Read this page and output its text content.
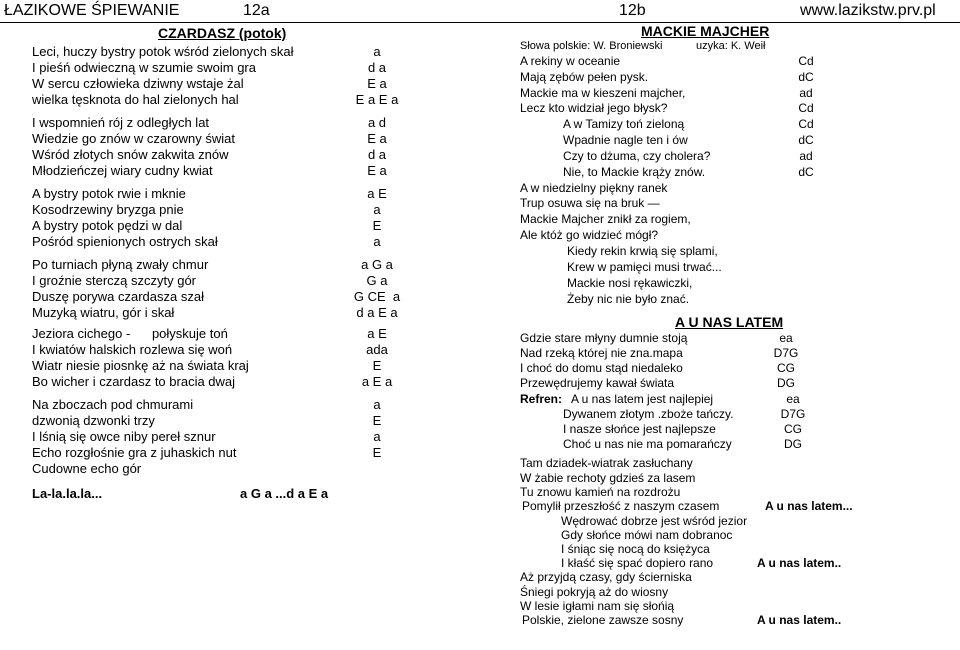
ŁAZIKOWE ŚPIEWANIE	12a	12b	www.lazikstw.prv.pl
CZARDASZ (potok)
Leci, huczy bystry potok wśród zielonych skał	a
I pieśń odwieczną w szumie swoim gra	d a
W sercu człowieka dziwny wstaje żal	E a
wielka tęsknota do hal zielonych hal	E a E a
I wspomnień rój z odległych lat	a d
Wiedzie go znów w czarowny świat	E a
Wśród złotych snów zakwita znów	d a
Młodzieńczej wiary cudny kwiat	E a
A bystry potok rwie i mknie	a E
Kosodrzewiny bryzga pnie	a
A bystry potok pędzi w dal	E
Pośród spienionych ostrych skał	a
Po turniach płyną zwały chmur	a G a
I groźnie sterczą szczyty gór	G a
Duszę porywa czardasza szał	G CE  a
Muzyką wiatru, gór i skał	d a E a
Jeziora cichego -      połyskuje toń	a E
I kwiatów halskich rozlewa się woń	ada
Wiatr niesie piosnkę aż na świata kraj	E
Bo wicher i czardasz to bracia dwaj	a E a
Na zboczach pod chmurami	a
dzwonią dzwonki trzy	E
I lśnią się owce niby pereł sznur	a
Echo rozgłośnie gra z juhaskich nut	E
Cudowne echo gór
La-la.la.la...	a G a ...d a E a
MACKIE MAJCHER
Słowa polskie: W. Broniewski	uzyka: K. Weił
A rekiny w oceanie	Cd
Mają zębów pełen pysk.	dC
Mackie ma w kieszeni majcher,	ad
Lecz kto widział jego błysk?	Cd
A w Tamizy toń zieloną	Cd
Wpadnie nagle ten i ów	dC
Czy to dżuma, czy cholera?	ad
Nie, to Mackie krąży znów.	dC
A w niedzielny piękny ranek
Trup osuwa się na bruk —
Mackie Majcher znikł za rogiem,
Ale któż go widzieć mógł?
Kiedy rekin krwią się splami,
Krew w pamięci musi trwać...
Mackie nosi rękawiczki,
Żeby nic nie było znać.
A U NAS LATEM
Gdzie stare młyny dumnie stoją	ea
Nad rzeką której nie zna.mapa	D7G
I choć do domu stąd niedaleko	CG
Przewędrujemy kawał świata	DG
A u nas latem jest najlepiej	ea
Dywanem złotym .zboże tańczy.	D7G
I nasze słońce jest najlepsze	CG
Choć u nas nie ma pomarańczy	DG
Tam dziadek-wiatrak zasłuchany
W żabie rechoty gdzieś za lasem
Tu znowu kamień na rozdrożu
Pomylił przeszłość z naszym czasem	A u nas latem...
Wędrować dobrze jest wśród jezior
Gdy słońce mówi nam dobranoc
I śniąc się nocą do księżyca
I kłaść się spać dopiero rano	A u nas latem..
Aż przyjdą czasy, gdy ścierniska
Śniegi pokryją aż do wiosny
W lesie igłami nam się słońią
Polskie, zielone zawsze sosny	A u nas latem..
Refren:
